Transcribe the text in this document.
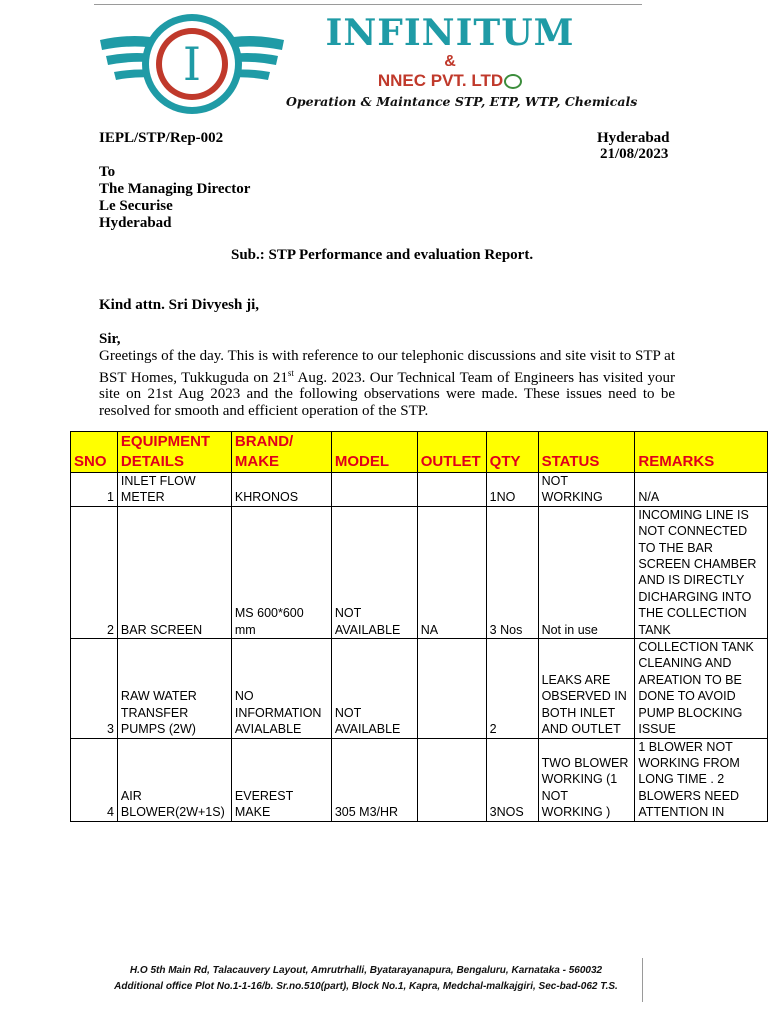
I
INFINITUM
&
NNEC PVT. LTD
Operation & Maintance STP, ETP, WTP, Chemicals
IEPL/STP/Rep-002	Hyderabad
21/08/2023
To
The Managing Director
Le Securise
Hyderabad
Sub.: STP Performance and evaluation Report.
Kind attn. Sri Divyesh ji,
Sir,
Greetings of the day. This is with reference to our telephonic discussions and site visit to STP at BST Homes, Tukkuguda on 21st Aug. 2023. Our Technical Team of Engineers has visited your site on 21st Aug 2023 and the following observations were made. These issues need to be resolved for smooth and efficient operation of the STP.
SNO	EQUIPMENT DETAILS	BRAND/ MAKE	MODEL	OUTLET	QTY	STATUS	REMARKS
1	INLET FLOW METER	KHRONOS			1NO	NOT WORKING	N/A
2	BAR SCREEN	MS 600*600 mm	NOT AVAILABLE	NA	3 Nos	Not in use	INCOMING LINE IS NOT CONNECTED TO THE BAR SCREEN CHAMBER AND IS DIRECTLY DICHARGING INTO THE COLLECTION TANK
3	RAW WATER TRANSFER PUMPS (2W)	NO INFORMATION AVIALABLE	NOT AVAILABLE		2	LEAKS ARE OBSERVED IN BOTH INLET AND OUTLET	COLLECTION TANK CLEANING AND AREATION TO BE DONE TO AVOID PUMP BLOCKING ISSUE
4	AIR BLOWER(2W+1S)	EVEREST MAKE	305 M3/HR		3NOS	TWO BLOWER WORKING (1 NOT WORKING )	1 BLOWER NOT WORKING FROM LONG TIME . 2 BLOWERS NEED ATTENTION IN
H.O 5th Main Rd, Talacauvery Layout, Amrutrhalli, Byatarayanapura, Bengaluru, Karnataka - 560032
Additional office Plot No.1-1-16/b. Sr.no.510(part), Block No.1, Kapra, Medchal-malkajgiri, Sec-bad-062 T.S.
